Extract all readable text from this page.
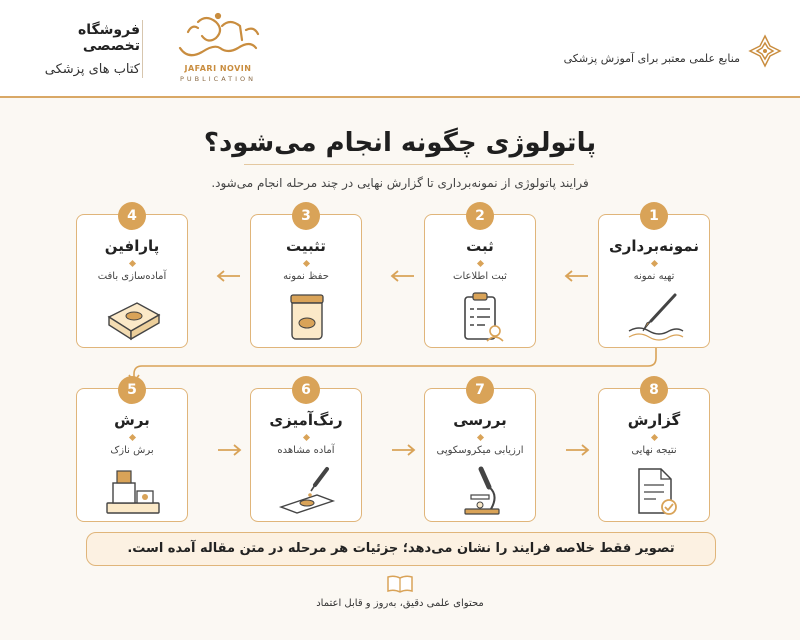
فروشگاه تخصصی
کتاب های پزشکی	JAFARI NOVIN
PUBLICATION
منابع علمی معتبر برای آموزش پزشکی
پاتولوژی چگونه انجام می‌شود؟
فرایند پاتولوژی از نمونه‌برداری تا گزارش نهایی در چند مرحله انجام می‌شود.
نمونه‌برداری
تهیه نمونه
1
ثبت
ثبت اطلاعات
2
تثبیت
حفظ نمونه
3
پارافین
آماده‌سازی بافت
4
برش
برش نازک
5
رنگ‌آمیزی
آماده مشاهده
6
بررسی
ارزیابی میکروسکوپی
7
گزارش
نتیجه نهایی
8
تصویر فقط خلاصه فرایند را نشان می‌دهد؛ جزئیات هر مرحله در متن مقاله آمده است.
محتوای علمی دقیق، به‌روز و قابل اعتماد
